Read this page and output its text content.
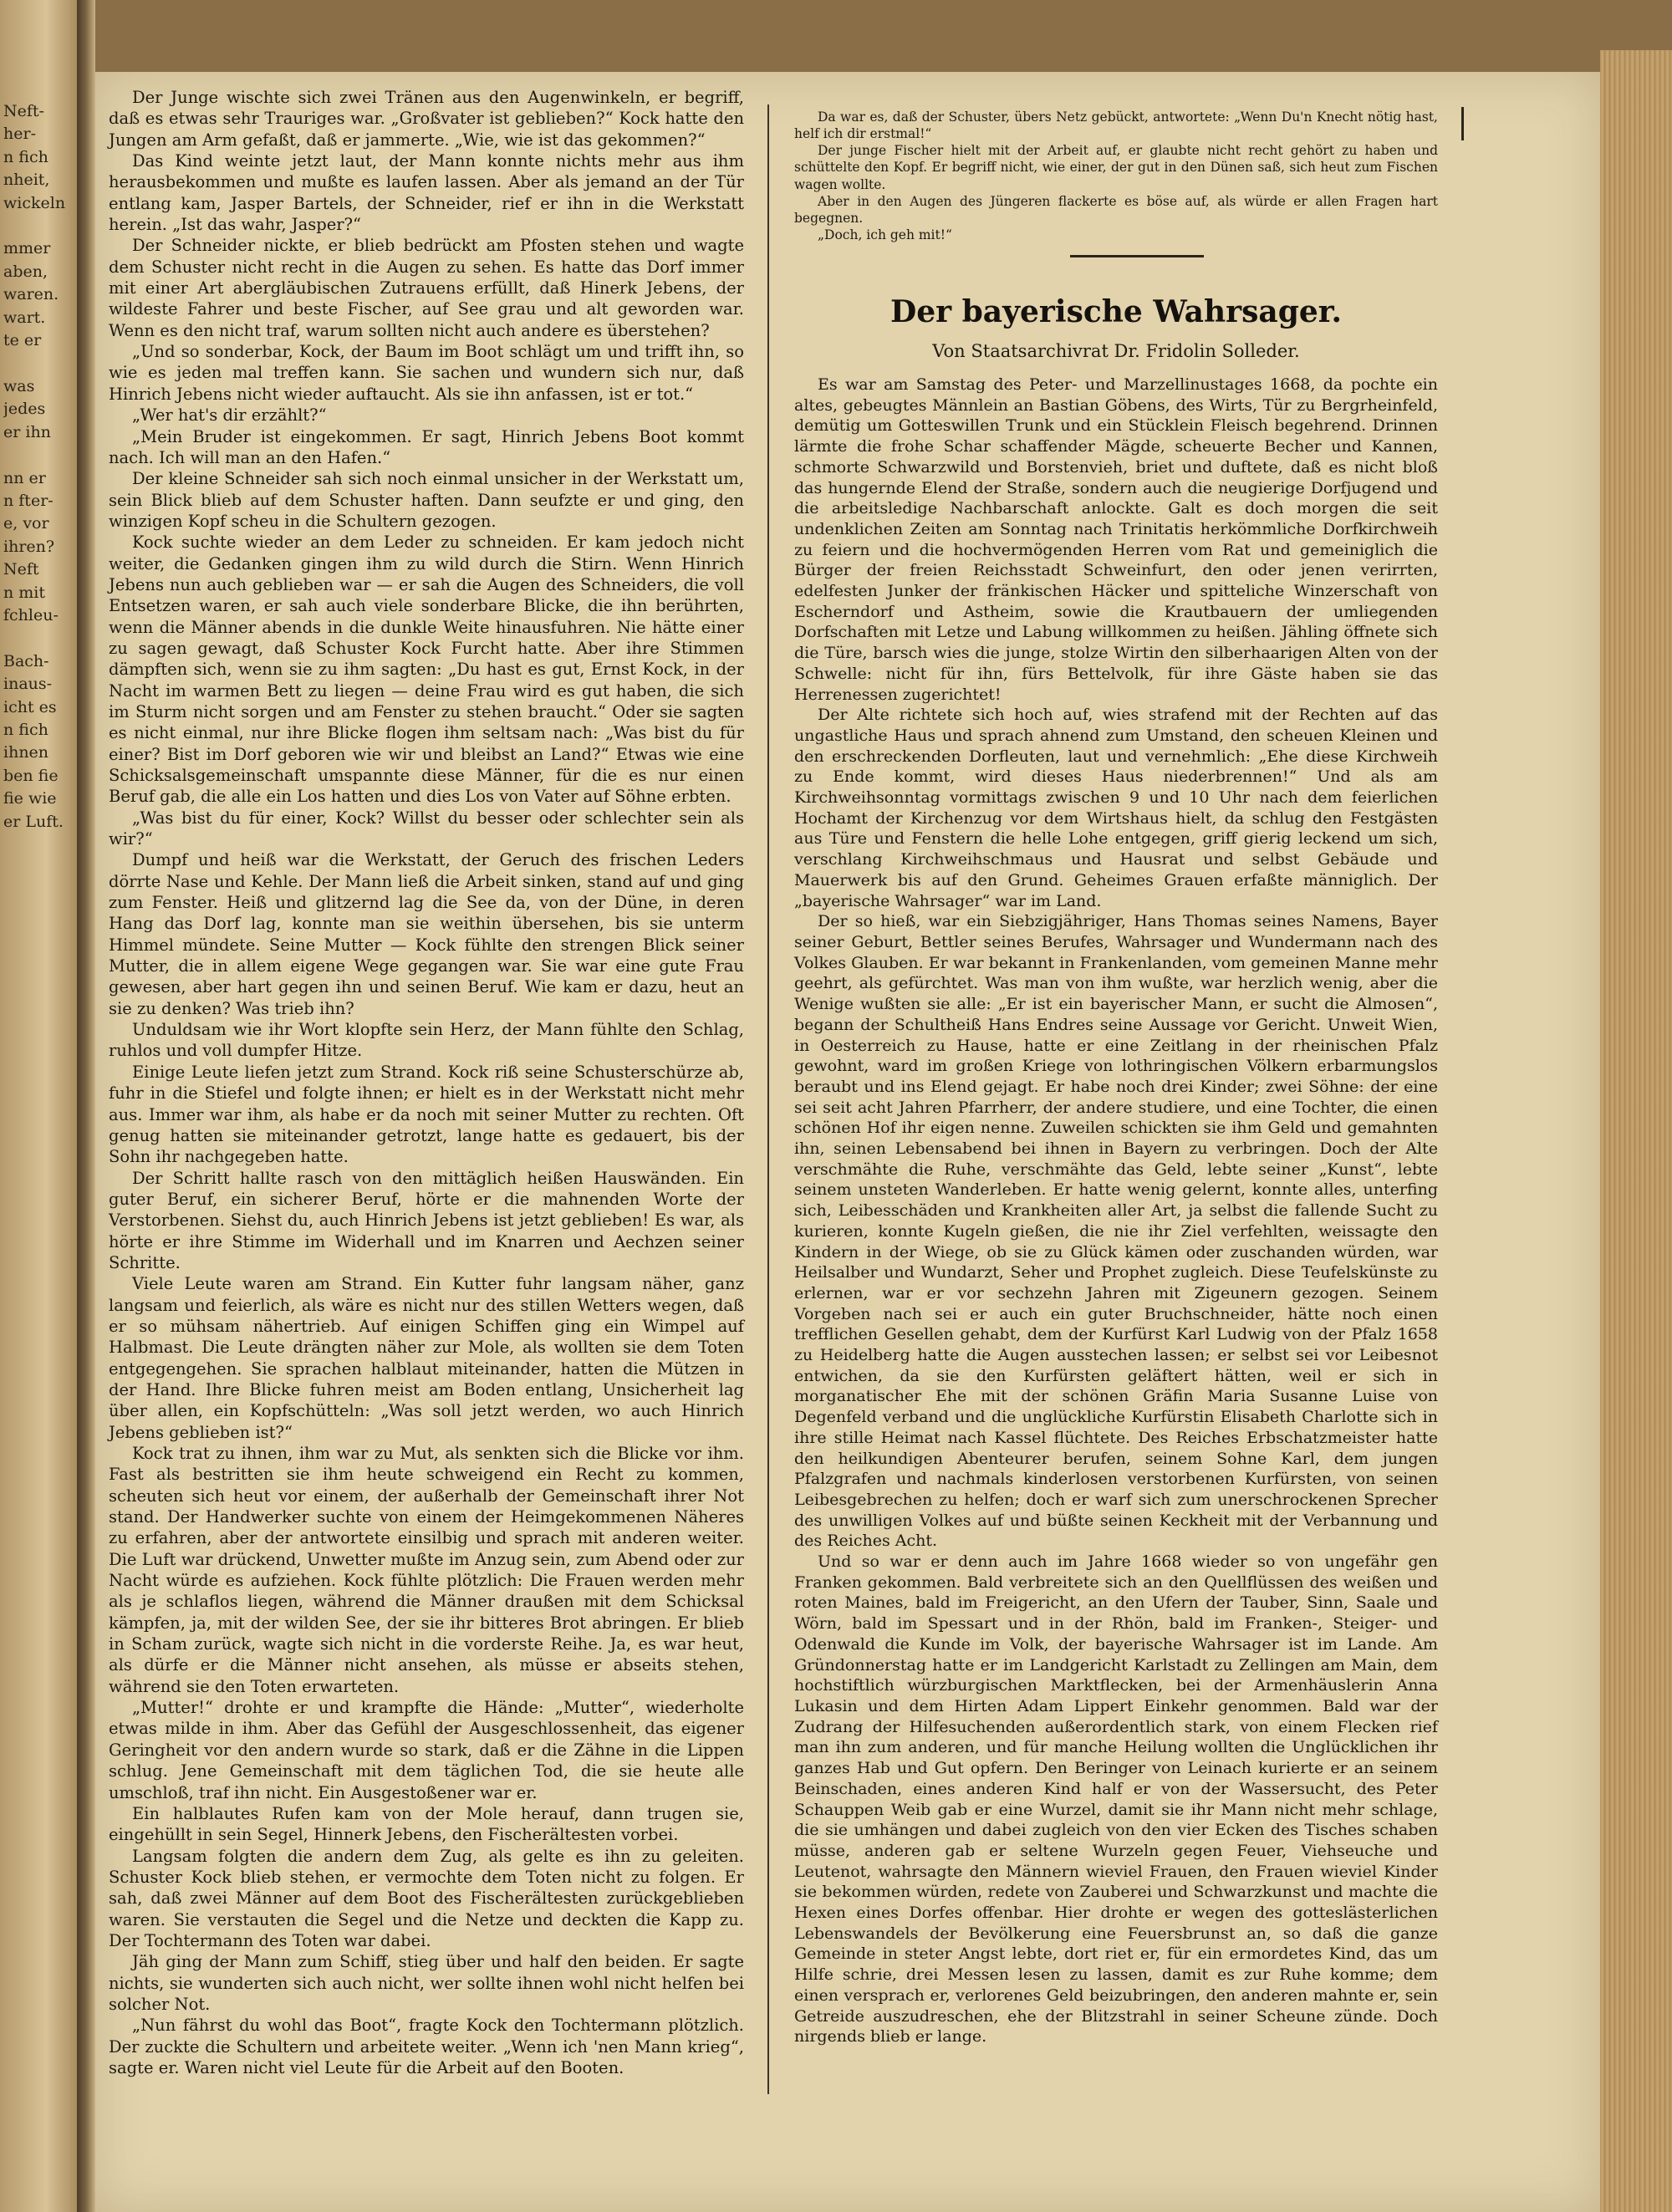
Neft-
her-
n fich
nheit,
wickeln

mmer
aben,
waren.
wart.
te er

was
jedes
er ihn

nn er
n fter-
e, vor
ihren?
Neft
n mit
fchleu-

Bach-
inaus-
icht es
n fich
ihnen
ben fie
fie wie
er Luft.

Der Junge wischte sich zwei Tränen aus den Augenwinkeln, er begriff, daß es etwas sehr Trauriges war. „Großvater ist geblieben?“ Kock hatte den Jungen am Arm gefaßt, daß er jammerte. „Wie, wie ist das gekommen?“

Das Kind weinte jetzt laut, der Mann konnte nichts mehr aus ihm herausbekommen und mußte es laufen lassen. Aber als jemand an der Tür entlang kam, Jasper Bartels, der Schneider, rief er ihn in die Werkstatt herein. „Ist das wahr, Jasper?“

Der Schneider nickte, er blieb bedrückt am Pfosten stehen und wagte dem Schuster nicht recht in die Augen zu sehen. Es hatte das Dorf immer mit einer Art abergläubischen Zutrauens erfüllt, daß Hinerk Jebens, der wildeste Fahrer und beste Fischer, auf See grau und alt geworden war. Wenn es den nicht traf, warum sollten nicht auch andere es überstehen?

„Und so sonderbar, Kock, der Baum im Boot schlägt um und trifft ihn, so wie es jeden mal treffen kann. Sie sachen und wundern sich nur, daß Hinrich Jebens nicht wieder auftaucht. Als sie ihn anfassen, ist er tot.“

„Wer hat's dir erzählt?“

„Mein Bruder ist eingekommen. Er sagt, Hinrich Jebens Boot kommt nach. Ich will man an den Hafen.“

Der kleine Schneider sah sich noch einmal unsicher in der Werkstatt um, sein Blick blieb auf dem Schuster haften. Dann seufzte er und ging, den winzigen Kopf scheu in die Schultern gezogen.

Kock suchte wieder an dem Leder zu schneiden. Er kam jedoch nicht weiter, die Gedanken gingen ihm zu wild durch die Stirn. Wenn Hinrich Jebens nun auch geblieben war — er sah die Augen des Schneiders, die voll Entsetzen waren, er sah auch viele sonderbare Blicke, die ihn berührten, wenn die Männer abends in die dunkle Weite hinausfuhren. Nie hätte einer zu sagen gewagt, daß Schuster Kock Furcht hatte. Aber ihre Stimmen dämpften sich, wenn sie zu ihm sagten: „Du hast es gut, Ernst Kock, in der Nacht im warmen Bett zu liegen — deine Frau wird es gut haben, die sich im Sturm nicht sorgen und am Fenster zu stehen braucht.“ Oder sie sagten es nicht einmal, nur ihre Blicke flogen ihm seltsam nach: „Was bist du für einer? Bist im Dorf geboren wie wir und bleibst an Land?“ Etwas wie eine Schicksalsgemeinschaft umspannte diese Männer, für die es nur einen Beruf gab, die alle ein Los hatten und dies Los von Vater auf Söhne erbten.

„Was bist du für einer, Kock? Willst du besser oder schlechter sein als wir?“

Dumpf und heiß war die Werkstatt, der Geruch des frischen Leders dörrte Nase und Kehle. Der Mann ließ die Arbeit sinken, stand auf und ging zum Fenster. Heiß und glitzernd lag die See da, von der Düne, in deren Hang das Dorf lag, konnte man sie weithin übersehen, bis sie unterm Himmel mündete. Seine Mutter — Kock fühlte den strengen Blick seiner Mutter, die in allem eigene Wege gegangen war. Sie war eine gute Frau gewesen, aber hart gegen ihn und seinen Beruf. Wie kam er dazu, heut an sie zu denken? Was trieb ihn?

Unduldsam wie ihr Wort klopfte sein Herz, der Mann fühlte den Schlag, ruhlos und voll dumpfer Hitze.

Einige Leute liefen jetzt zum Strand. Kock riß seine Schusterschürze ab, fuhr in die Stiefel und folgte ihnen; er hielt es in der Werkstatt nicht mehr aus. Immer war ihm, als habe er da noch mit seiner Mutter zu rechten. Oft genug hatten sie miteinander getrotzt, lange hatte es gedauert, bis der Sohn ihr nachgegeben hatte.

Der Schritt hallte rasch von den mittäglich heißen Hauswänden. Ein guter Beruf, ein sicherer Beruf, hörte er die mahnenden Worte der Verstorbenen. Siehst du, auch Hinrich Jebens ist jetzt geblieben! Es war, als hörte er ihre Stimme im Widerhall und im Knarren und Aechzen seiner Schritte.

Viele Leute waren am Strand. Ein Kutter fuhr langsam näher, ganz langsam und feierlich, als wäre es nicht nur des stillen Wetters wegen, daß er so mühsam nähertrieb. Auf einigen Schiffen ging ein Wimpel auf Halbmast. Die Leute drängten näher zur Mole, als wollten sie dem Toten entgegengehen. Sie sprachen halblaut miteinander, hatten die Mützen in der Hand. Ihre Blicke fuhren meist am Boden entlang, Unsicherheit lag über allen, ein Kopfschütteln: „Was soll jetzt werden, wo auch Hinrich Jebens geblieben ist?“

Kock trat zu ihnen, ihm war zu Mut, als senkten sich die Blicke vor ihm. Fast als bestritten sie ihm heute schweigend ein Recht zu kommen, scheuten sich heut vor einem, der außerhalb der Gemeinschaft ihrer Not stand. Der Handwerker suchte von einem der Heimgekommenen Näheres zu erfahren, aber der antwortete einsilbig und sprach mit anderen weiter. Die Luft war drückend, Unwetter mußte im Anzug sein, zum Abend oder zur Nacht würde es aufziehen. Kock fühlte plötzlich: Die Frauen werden mehr als je schlaflos liegen, während die Männer draußen mit dem Schicksal kämpfen, ja, mit der wilden See, der sie ihr bitteres Brot abringen. Er blieb in Scham zurück, wagte sich nicht in die vorderste Reihe. Ja, es war heut, als dürfe er die Männer nicht ansehen, als müsse er abseits stehen, während sie den Toten erwarteten.

„Mutter!“ drohte er und krampfte die Hände: „Mutter“, wiederholte etwas milde in ihm. Aber das Gefühl der Ausgeschlossenheit, das eigener Geringheit vor den andern wurde so stark, daß er die Zähne in die Lippen schlug. Jene Gemeinschaft mit dem täglichen Tod, die sie heute alle umschloß, traf ihn nicht. Ein Ausgestoßener war er.

Ein halblautes Rufen kam von der Mole herauf, dann trugen sie, eingehüllt in sein Segel, Hinnerk Jebens, den Fischerältesten vorbei.

Langsam folgten die andern dem Zug, als gelte es ihn zu geleiten. Schuster Kock blieb stehen, er vermochte dem Toten nicht zu folgen. Er sah, daß zwei Männer auf dem Boot des Fischerältesten zurückgeblieben waren. Sie verstauten die Segel und die Netze und deckten die Kapp zu. Der Tochtermann des Toten war dabei.

Jäh ging der Mann zum Schiff, stieg über und half den beiden. Er sagte nichts, sie wunderten sich auch nicht, wer sollte ihnen wohl nicht helfen bei solcher Not.

„Nun fährst du wohl das Boot“, fragte Kock den Tochtermann plötzlich. Der zuckte die Schultern und arbeitete weiter. „Wenn ich 'nen Mann krieg“, sagte er. Waren nicht viel Leute für die Arbeit auf den Booten.

Da war es, daß der Schuster, übers Netz gebückt, antwortete: „Wenn Du'n Knecht nötig hast, helf ich dir erstmal!“

Der junge Fischer hielt mit der Arbeit auf, er glaubte nicht recht gehört zu haben und schüttelte den Kopf. Er begriff nicht, wie einer, der gut in den Dünen saß, sich heut zum Fischen wagen wollte.

Aber in den Augen des Jüngeren flackerte es böse auf, als würde er allen Fragen hart begegnen.

„Doch, ich geh mit!“

Der bayerische Wahrsager.
Von Staatsarchivrat Dr. Fridolin Solleder.

Es war am Samstag des Peter- und Marzellinustages 1668, da pochte ein altes, gebeugtes Männlein an Bastian Göbens, des Wirts, Tür zu Bergrheinfeld, demütig um Gotteswillen Trunk und ein Stücklein Fleisch begehrend. Drinnen lärmte die frohe Schar schaffender Mägde, scheuerte Becher und Kannen, schmorte Schwarzwild und Borstenvieh, briet und duftete, daß es nicht bloß das hungernde Elend der Straße, sondern auch die neugierige Dorfjugend und die arbeitsledige Nachbarschaft anlockte. Galt es doch morgen die seit undenklichen Zeiten am Sonntag nach Trinitatis herkömmliche Dorfkirchweih zu feiern und die hochvermögenden Herren vom Rat und gemeiniglich die Bürger der freien Reichsstadt Schweinfurt, den oder jenen verirrten, edelfesten Junker der fränkischen Häcker und spitteliche Winzerschaft von Escherndorf und Astheim, sowie die Krautbauern der umliegenden Dorfschaften mit Letze und Labung willkommen zu heißen. Jähling öffnete sich die Türe, barsch wies die junge, stolze Wirtin den silberhaarigen Alten von der Schwelle: nicht für ihn, fürs Bettelvolk, für ihre Gäste haben sie das Herrenessen zugerichtet!

Der Alte richtete sich hoch auf, wies strafend mit der Rechten auf das ungastliche Haus und sprach ahnend zum Umstand, den scheuen Kleinen und den erschreckenden Dorfleuten, laut und vernehmlich: „Ehe diese Kirchweih zu Ende kommt, wird dieses Haus niederbrennen!“ Und als am Kirchweihsonntag vormittags zwischen 9 und 10 Uhr nach dem feierlichen Hochamt der Kirchenzug vor dem Wirtshaus hielt, da schlug den Festgästen aus Türe und Fenstern die helle Lohe entgegen, griff gierig leckend um sich, verschlang Kirchweihschmaus und Hausrat und selbst Gebäude und Mauerwerk bis auf den Grund. Geheimes Grauen erfaßte männiglich. Der „bayerische Wahrsager“ war im Land.

Der so hieß, war ein Siebzigjähriger, Hans Thomas seines Namens, Bayer seiner Geburt, Bettler seines Berufes, Wahrsager und Wundermann nach des Volkes Glauben. Er war bekannt in Frankenlanden, vom gemeinen Manne mehr geehrt, als gefürchtet. Was man von ihm wußte, war herzlich wenig, aber die Wenige wußten sie alle: „Er ist ein bayerischer Mann, er sucht die Almosen“, begann der Schultheiß Hans Endres seine Aussage vor Gericht. Unweit Wien, in Oesterreich zu Hause, hatte er eine Zeitlang in der rheinischen Pfalz gewohnt, ward im großen Kriege von lothringischen Völkern erbarmungslos beraubt und ins Elend gejagt. Er habe noch drei Kinder; zwei Söhne: der eine sei seit acht Jahren Pfarrherr, der andere studiere, und eine Tochter, die einen schönen Hof ihr eigen nenne. Zuweilen schickten sie ihm Geld und gemahnten ihn, seinen Lebensabend bei ihnen in Bayern zu verbringen. Doch der Alte verschmähte die Ruhe, verschmähte das Geld, lebte seiner „Kunst“, lebte seinem unsteten Wanderleben. Er hatte wenig gelernt, konnte alles, unterfing sich, Leibesschäden und Krankheiten aller Art, ja selbst die fallende Sucht zu kurieren, konnte Kugeln gießen, die nie ihr Ziel verfehlten, weissagte den Kindern in der Wiege, ob sie zu Glück kämen oder zuschanden würden, war Heilsalber und Wundarzt, Seher und Prophet zugleich. Diese Teufelskünste zu erlernen, war er vor sechzehn Jahren mit Zigeunern gezogen. Seinem Vorgeben nach sei er auch ein guter Bruchschneider, hätte noch einen trefflichen Gesellen gehabt, dem der Kurfürst Karl Ludwig von der Pfalz 1658 zu Heidelberg hatte die Augen ausstechen lassen; er selbst sei vor Leibesnot entwichen, da sie den Kurfürsten geläftert hätten, weil er sich in morganatischer Ehe mit der schönen Gräfin Maria Susanne Luise von Degenfeld verband und die unglückliche Kurfürstin Elisabeth Charlotte sich in ihre stille Heimat nach Kassel flüchtete. Des Reiches Erbschatzmeister hatte den heilkundigen Abenteurer berufen, seinem Sohne Karl, dem jungen Pfalzgrafen und nachmals kinderlosen verstorbenen Kurfürsten, von seinen Leibesgebrechen zu helfen; doch er warf sich zum unerschrockenen Sprecher des unwilligen Volkes auf und büßte seinen Keckheit mit der Verbannung und des Reiches Acht.

Und so war er denn auch im Jahre 1668 wieder so von ungefähr gen Franken gekommen. Bald verbreitete sich an den Quellflüssen des weißen und roten Maines, bald im Freigericht, an den Ufern der Tauber, Sinn, Saale und Wörn, bald im Spessart und in der Rhön, bald im Franken-, Steiger- und Odenwald die Kunde im Volk, der bayerische Wahrsager ist im Lande. Am Gründonnerstag hatte er im Landgericht Karlstadt zu Zellingen am Main, dem hochstiftlich würzburgischen Marktflecken, bei der Armenhäuslerin Anna Lukasin und dem Hirten Adam Lippert Einkehr genommen. Bald war der Zudrang der Hilfesuchenden außerordentlich stark, von einem Flecken rief man ihn zum anderen, und für manche Heilung wollten die Unglücklichen ihr ganzes Hab und Gut opfern. Den Beringer von Leinach kurierte er an seinem Beinschaden, eines anderen Kind half er von der Wassersucht, des Peter Schauppen Weib gab er eine Wurzel, damit sie ihr Mann nicht mehr schlage, die sie umhängen und dabei zugleich von den vier Ecken des Tisches schaben müsse, anderen gab er seltene Wurzeln gegen Feuer, Viehseuche und Leutenot, wahrsagte den Männern wieviel Frauen, den Frauen wieviel Kinder sie bekommen würden, redete von Zauberei und Schwarzkunst und machte die Hexen eines Dorfes offenbar. Hier drohte er wegen des gotteslästerlichen Lebenswandels der Bevölkerung eine Feuersbrunst an, so daß die ganze Gemeinde in steter Angst lebte, dort riet er, für ein ermordetes Kind, das um Hilfe schrie, drei Messen lesen zu lassen, damit es zur Ruhe komme; dem einen versprach er, verlorenes Geld beizubringen, den anderen mahnte er, sein Getreide auszudreschen, ehe der Blitzstrahl in seiner Scheune zünde. Doch nirgends blieb er lange.
